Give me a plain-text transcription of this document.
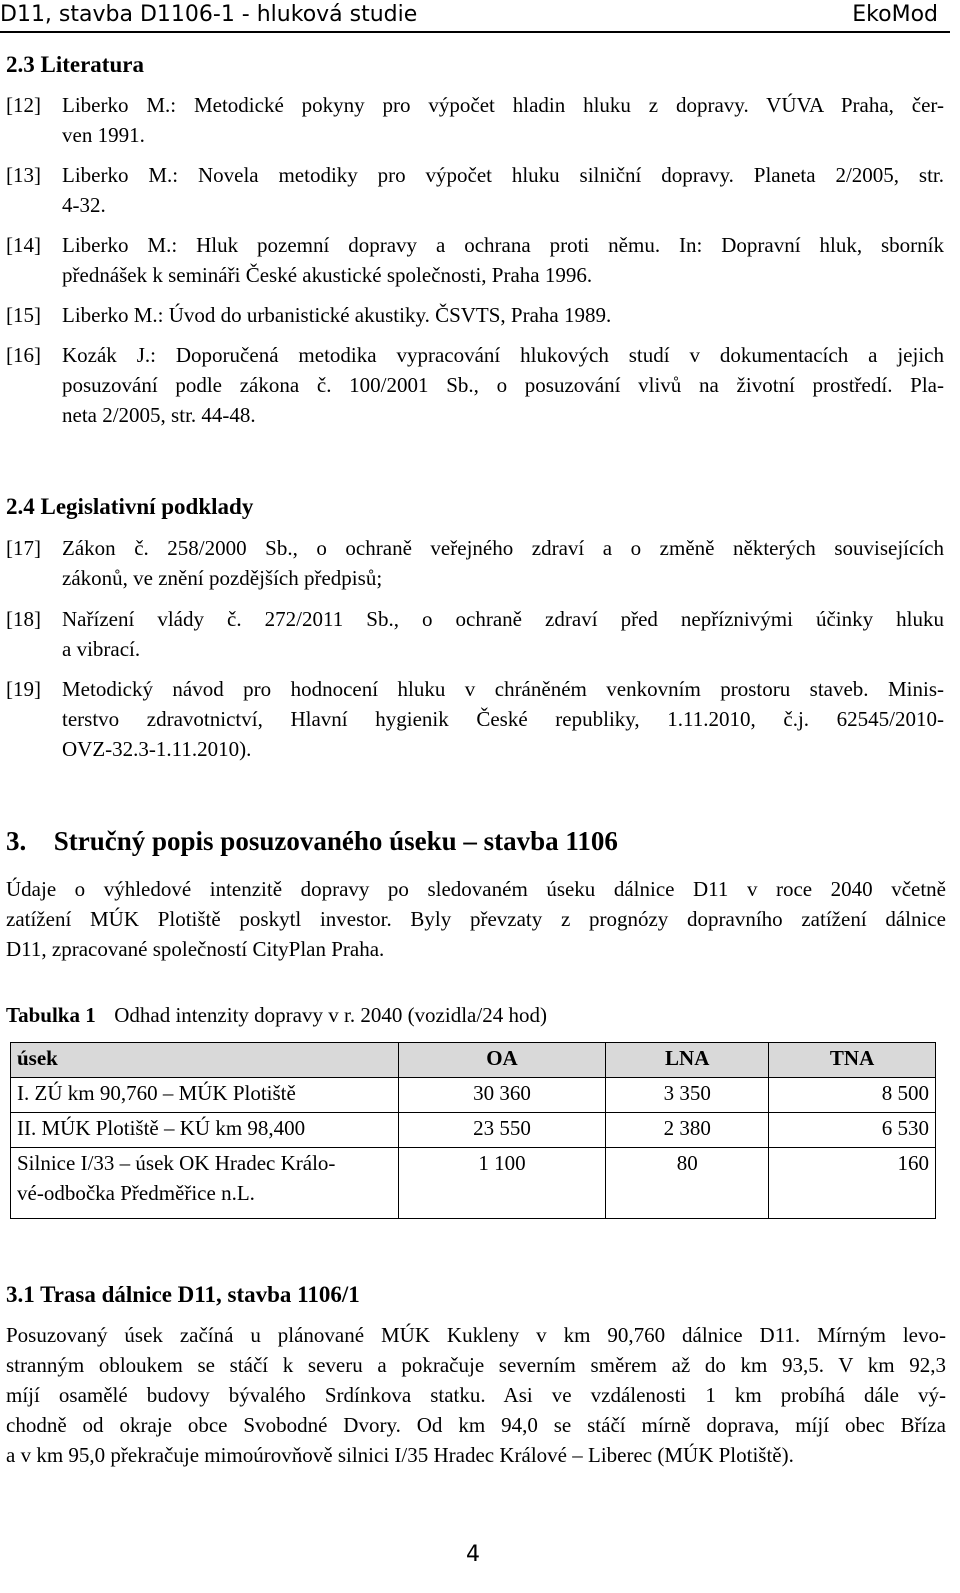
D11, stavba D1106-1 - hluková studie	EkoMod
2.3 Literatura
[12] Liberko M.: Metodické pokyny pro výpočet hladin hluku z dopravy. VÚVA Praha, čer-
ven 1991.
[13] Liberko M.: Novela metodiky pro výpočet hluku silniční dopravy. Planeta 2/2005, str.
4-32.
[14] Liberko M.: Hluk pozemní dopravy a ochrana proti němu. In: Dopravní hluk, sborník
přednášek k semináři České akustické společnosti, Praha 1996.
[15] Liberko M.: Úvod do urbanistické akustiky. ČSVTS, Praha 1989.
[16] Kozák J.: Doporučená metodika vypracování hlukových studí v dokumentacích a jejich
posuzování podle zákona č. 100/2001 Sb., o posuzování vlivů na životní prostředí. Pla-
neta 2/2005, str. 44-48.
2.4 Legislativní podklady
[17] Zákon č. 258/2000 Sb., o ochraně veřejného zdraví a o změně některých souvisejících
zákonů, ve znění pozdějších předpisů;
[18] Nařízení vlády č. 272/2011 Sb., o ochraně zdraví před nepříznivými účinky hluku
a vibrací.
[19] Metodický návod pro hodnocení hluku v chráněném venkovním prostoru staveb. Minis-
terstvo zdravotnictví, Hlavní hygienik České republiky, 1.11.2010, č.j. 62545/2010-
OVZ-32.3-1.11.2010).
3. Stručný popis posuzovaného úseku – stavba 1106
Údaje o výhledové intenzitě dopravy po sledovaném úseku dálnice D11 v roce 2040 včetně
zatížení MÚK Plotiště poskytl investor. Byly převzaty z prognózy dopravního zatížení dálnice
D11, zpracované společností CityPlan Praha.
Tabulka 1 Odhad intenzity dopravy v r. 2040 (vozidla/24 hod)
úsek	OA	LNA	TNA
I. ZÚ km 90,760 – MÚK Plotiště	30 360	3 350	8 500
II. MÚK Plotiště – KÚ km 98,400	23 550	2 380	6 530

Silnice I/33 – úsek OK Hradec Králo-
vé-odbočka Předměřice n.L.	1 100	80	160
3.1 Trasa dálnice D11, stavba 1106/1
Posuzovaný úsek začíná u plánované MÚK Kukleny v km 90,760 dálnice D11. Mírným levo-
stranným obloukem se stáčí k severu a pokračuje severním směrem až do km 93,5. V km 92,3
míjí osamělé budovy bývalého Srdínkova statku. Asi ve vzdálenosti 1 km probíhá dále vý-
chodně od okraje obce Svobodné Dvory. Od km 94,0 se stáčí mírně doprava, míjí obec Bříza
a v km 95,0 překračuje mimoúrovňově silnici I/35 Hradec Králové – Liberec (MÚK Plotiště).
4
